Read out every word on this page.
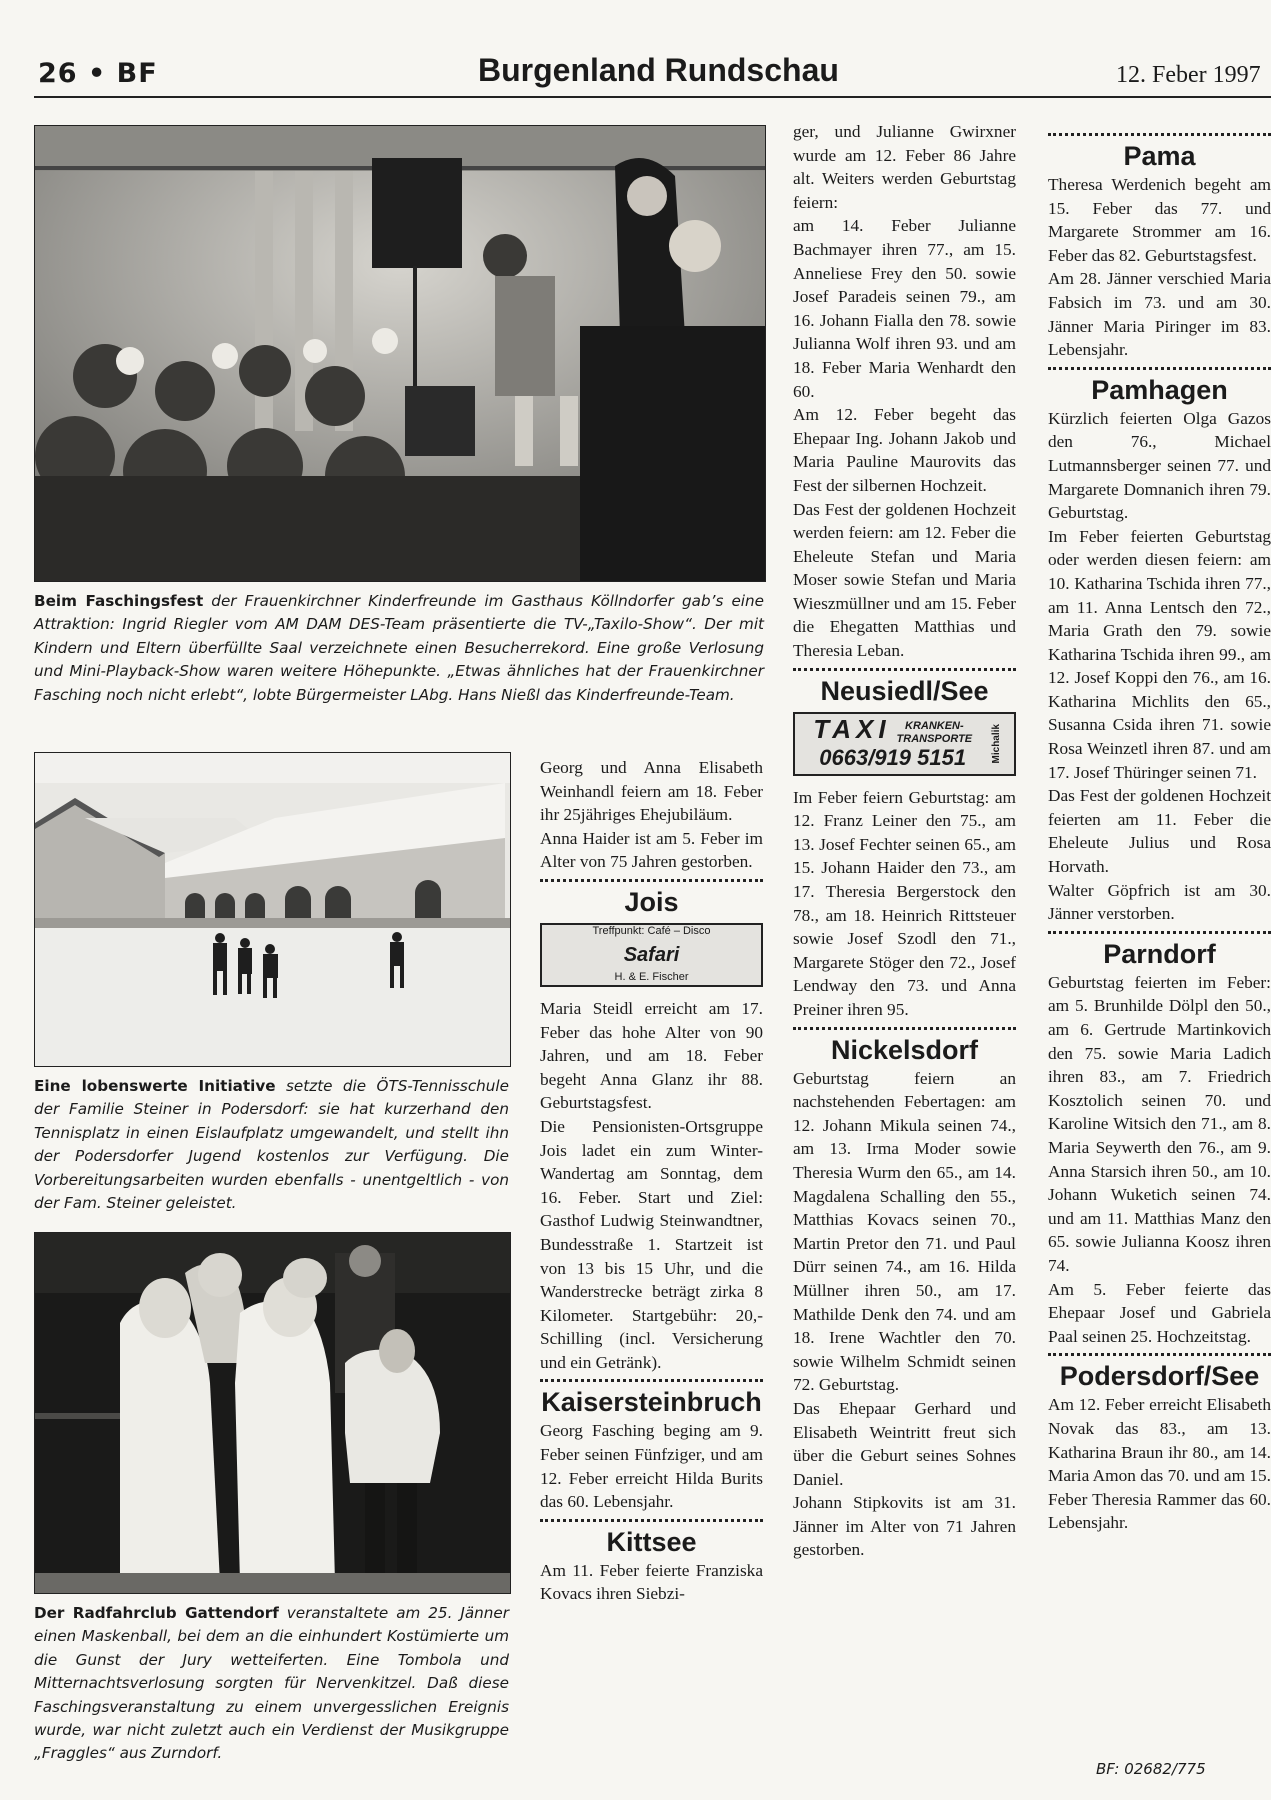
26 • BF	Burgenland Rundschau	12. Feber 1997
Beim Faschingsfest der Frauenkirchner Kinderfreunde im Gasthaus Köllndorfer gab’s eine Attraktion: Ingrid Riegler vom AM DAM DES-Team präsentierte die TV-„Taxilo-Show“. Der mit Kindern und Eltern überfüllte Saal verzeichnete einen Besucherrekord. Eine große Verlosung und Mini-Playback-Show waren weitere Höhepunkte. „Etwas ähnliches hat der Frauenkirchner Fasching noch nicht erlebt“, lobte Bürgermeister LAbg. Hans Nießl das Kinderfreunde-Team.
Eine lobenswerte Initiative setzte die ÖTS-Tennisschule der Familie Steiner in Podersdorf: sie hat kurzerhand den Tennisplatz in einen Eislaufplatz umgewandelt, und stellt ihn der Podersdorfer Jugend kostenlos zur Verfügung. Die Vorbereitungsarbeiten wurden ebenfalls - unentgeltlich - von der Fam. Steiner geleistet.
Der Radfahrclub Gattendorf veranstaltete am 25. Jänner einen Maskenball, bei dem an die einhundert Kostümierte um die Gunst der Jury wetteiferten. Eine Tombola und Mitternachtsverlosung sorgten für Nervenkitzel. Daß diese Faschingsveranstaltung zu einem unvergesslichen Ereignis wurde, war nicht zuletzt auch ein Verdienst der Musikgruppe „Fraggles“ aus Zurndorf.

Georg und Anna Elisabeth Weinhandl feiern am 18. Feber ihr 25jähriges Ehejubiläum.

Anna Haider ist am 5. Feber im Alter von 75 Jahren gestorben.

Jois
Treffpunkt: Café – Disco
Safari
H. & E. Fischer

Maria Steidl erreicht am 17. Feber das hohe Alter von 90 Jahren, und am 18. Feber begeht Anna Glanz ihr 88. Geburtstagsfest.

Die Pensionisten-Ortsgruppe Jois ladet ein zum Winter-Wandertag am Sonntag, dem 16. Feber. Start und Ziel: Gasthof Ludwig Steinwandtner, Bundesstraße 1. Startzeit ist von 13 bis 15 Uhr, und die Wanderstrecke beträgt zirka 8 Kilometer. Startgebühr: 20,- Schilling (incl. Versicherung und ein Getränk).

Kaisersteinbruch

Georg Fasching beging am 9. Feber seinen Fünfziger, und am 12. Feber erreicht Hilda Burits das 60. Lebensjahr.

Kittsee

Am 11. Feber feierte Franziska Kovacs ihren Siebzi-

ger, und Julianne Gwirxner wurde am 12. Feber 86 Jahre alt. Weiters werden Geburtstag feiern:

am 14. Feber Julianne Bachmayer ihren 77., am 15. Anneliese Frey den 50. sowie Josef Paradeis seinen 79., am 16. Johann Fialla den 78. sowie Julianna Wolf ihren 93. und am 18. Feber Maria Wenhardt den 60.

Am 12. Feber begeht das Ehepaar Ing. Johann Jakob und Maria Pauline Maurovits das Fest der silbernen Hochzeit.

Das Fest der goldenen Hochzeit werden feiern: am 12. Feber die Eheleute Stefan und Maria Moser sowie Stefan und Maria Wieszmüllner und am 15. Feber die Ehegatten Matthias und Theresia Leban.

Neusiedl/See
TAXI KRANKEN-
TRANSPORTE
0663/919 5151	Michalik

Im Feber feiern Geburtstag: am 12. Franz Leiner den 75., am 13. Josef Fechter seinen 65., am 15. Johann Haider den 73., am 17. Theresia Bergerstock den 78., am 18. Heinrich Rittsteuer sowie Josef Szodl den 71., Margarete Stöger den 72., Josef Lendway den 73. und Anna Preiner ihren 95.

Nickelsdorf

Geburtstag feiern an nachstehenden Febertagen: am 12. Johann Mikula seinen 74., am 13. Irma Moder sowie Theresia Wurm den 65., am 14. Magdalena Schalling den 55., Matthias Kovacs seinen 70., Martin Pretor den 71. und Paul Dürr seinen 74., am 16. Hilda Müllner ihren 50., am 17. Mathilde Denk den 74. und am 18. Irene Wachtler den 70. sowie Wilhelm Schmidt seinen 72. Geburtstag.

Das Ehepaar Gerhard und Elisabeth Weintritt freut sich über die Geburt seines Sohnes Daniel.

Johann Stipkovits ist am 31. Jänner im Alter von 71 Jahren gestorben.

Pama

Theresa Werdenich begeht am 15. Feber das 77. und Margarete Strommer am 16. Feber das 82. Geburtstagsfest.

Am 28. Jänner verschied Maria Fabsich im 73. und am 30. Jänner Maria Piringer im 83. Lebensjahr.

Pamhagen

Kürzlich feierten Olga Gazos den 76., Michael Lutmannsberger seinen 77. und Margarete Domnanich ihren 79. Geburtstag.

Im Feber feierten Geburtstag oder werden diesen feiern: am 10. Katharina Tschida ihren 77., am 11. Anna Lentsch den 72., Maria Grath den 79. sowie Katharina Tschida ihren 99., am 12. Josef Koppi den 76., am 16. Katharina Michlits den 65., Susanna Csida ihren 71. sowie Rosa Weinzetl ihren 87. und am 17. Josef Thüringer seinen 71.

Das Fest der goldenen Hochzeit feierten am 11. Feber die Eheleute Julius und Rosa Horvath.

Walter Göpfrich ist am 30. Jänner verstorben.

Parndorf

Geburtstag feierten im Feber: am 5. Brunhilde Dölpl den 50., am 6. Gertrude Martinkovich den 75. sowie Maria Ladich ihren 83., am 7. Friedrich Kosztolich seinen 70. und Karoline Witsich den 71., am 8. Maria Seywerth den 76., am 9. Anna Starsich ihren 50., am 10. Johann Wuketich seinen 74. und am 11. Matthias Manz den 65. sowie Julianna Koosz ihren 74.

Am 5. Feber feierte das Ehepaar Josef und Gabriela Paal seinen 25. Hochzeitstag.

Podersdorf/See

Am 12. Feber erreicht Elisabeth Novak das 83., am 13. Katharina Braun ihr 80., am 14. Maria Amon das 70. und am 15. Feber Theresia Rammer das 60. Lebensjahr.

BF: 02682/775
